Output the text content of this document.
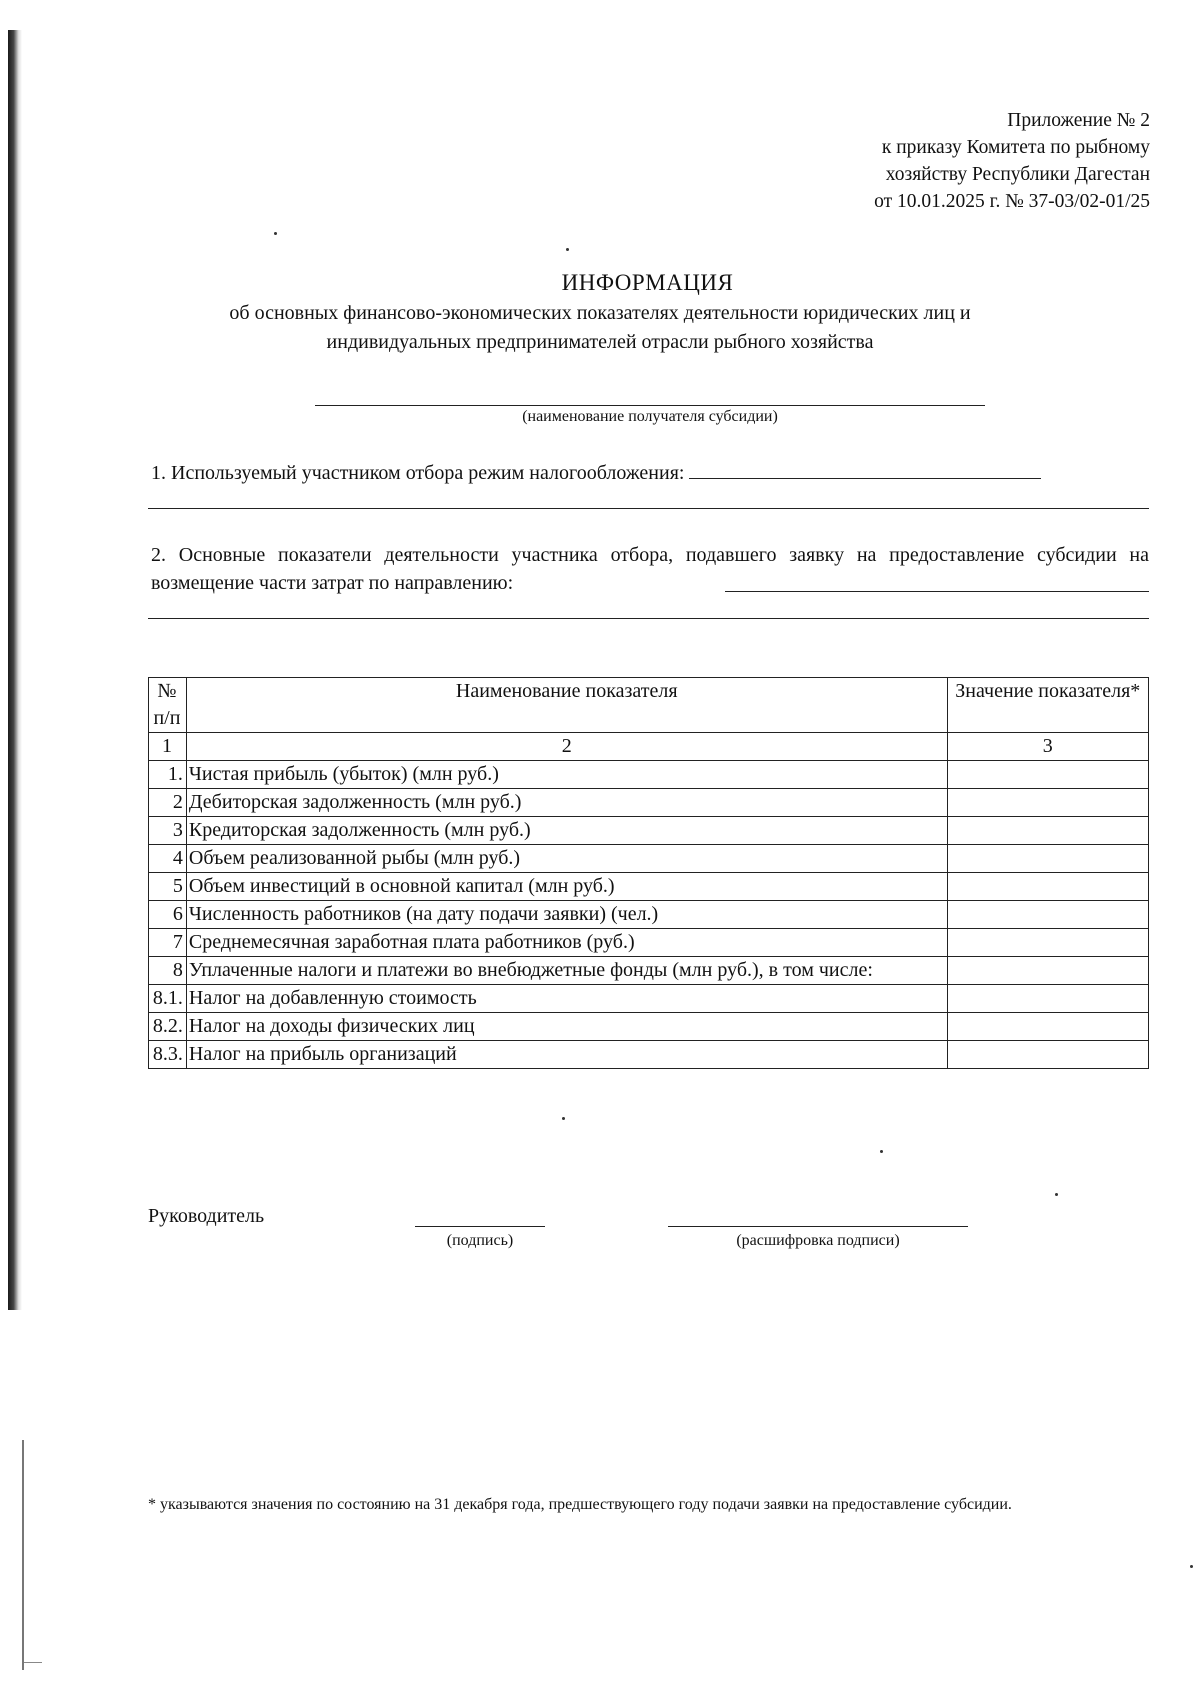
Приложение № 2
к приказу Комитета по рыбному
хозяйству Республики Дагестан
от 10.01.2025 г. № 37-03/02-01/25
ИНФОРМАЦИЯ
об основных финансово-экономических показателях деятельности юридических лиц и
индивидуальных предпринимателей отрасли рыбного хозяйства
(наименование получателя субсидии)
1. Используемый участником отбора режим налогообложения:
2. Основные показатели деятельности участника отбора, подавшего заявку на предоставление субсидии на возмещение части затрат по направлению:
№ п/п	Наименование показателя	Значение показателя*
1	2	3
1.	Чистая прибыль (убыток) (млн руб.)	
2	Дебиторская задолженность (млн руб.)	
3	Кредиторская задолженность (млн руб.)	
4	Объем реализованной рыбы (млн руб.)	
5	Объем инвестиций в основной капитал (млн руб.)	
6	Численность работников (на дату подачи заявки) (чел.)	
7	Среднемесячная заработная плата работников (руб.)	
8	Уплаченные налоги и платежи во внебюджетные фонды (млн руб.), в том числе:	
8.1.	Налог на добавленную стоимость	
8.2.	Налог на доходы физических лиц	
8.3.	Налог на прибыль организаций	
Руководитель
(подпись)	(расшифровка подписи)
* указываются значения по состоянию на 31 декабря года, предшествующего году подачи заявки на предоставление субсидии.
